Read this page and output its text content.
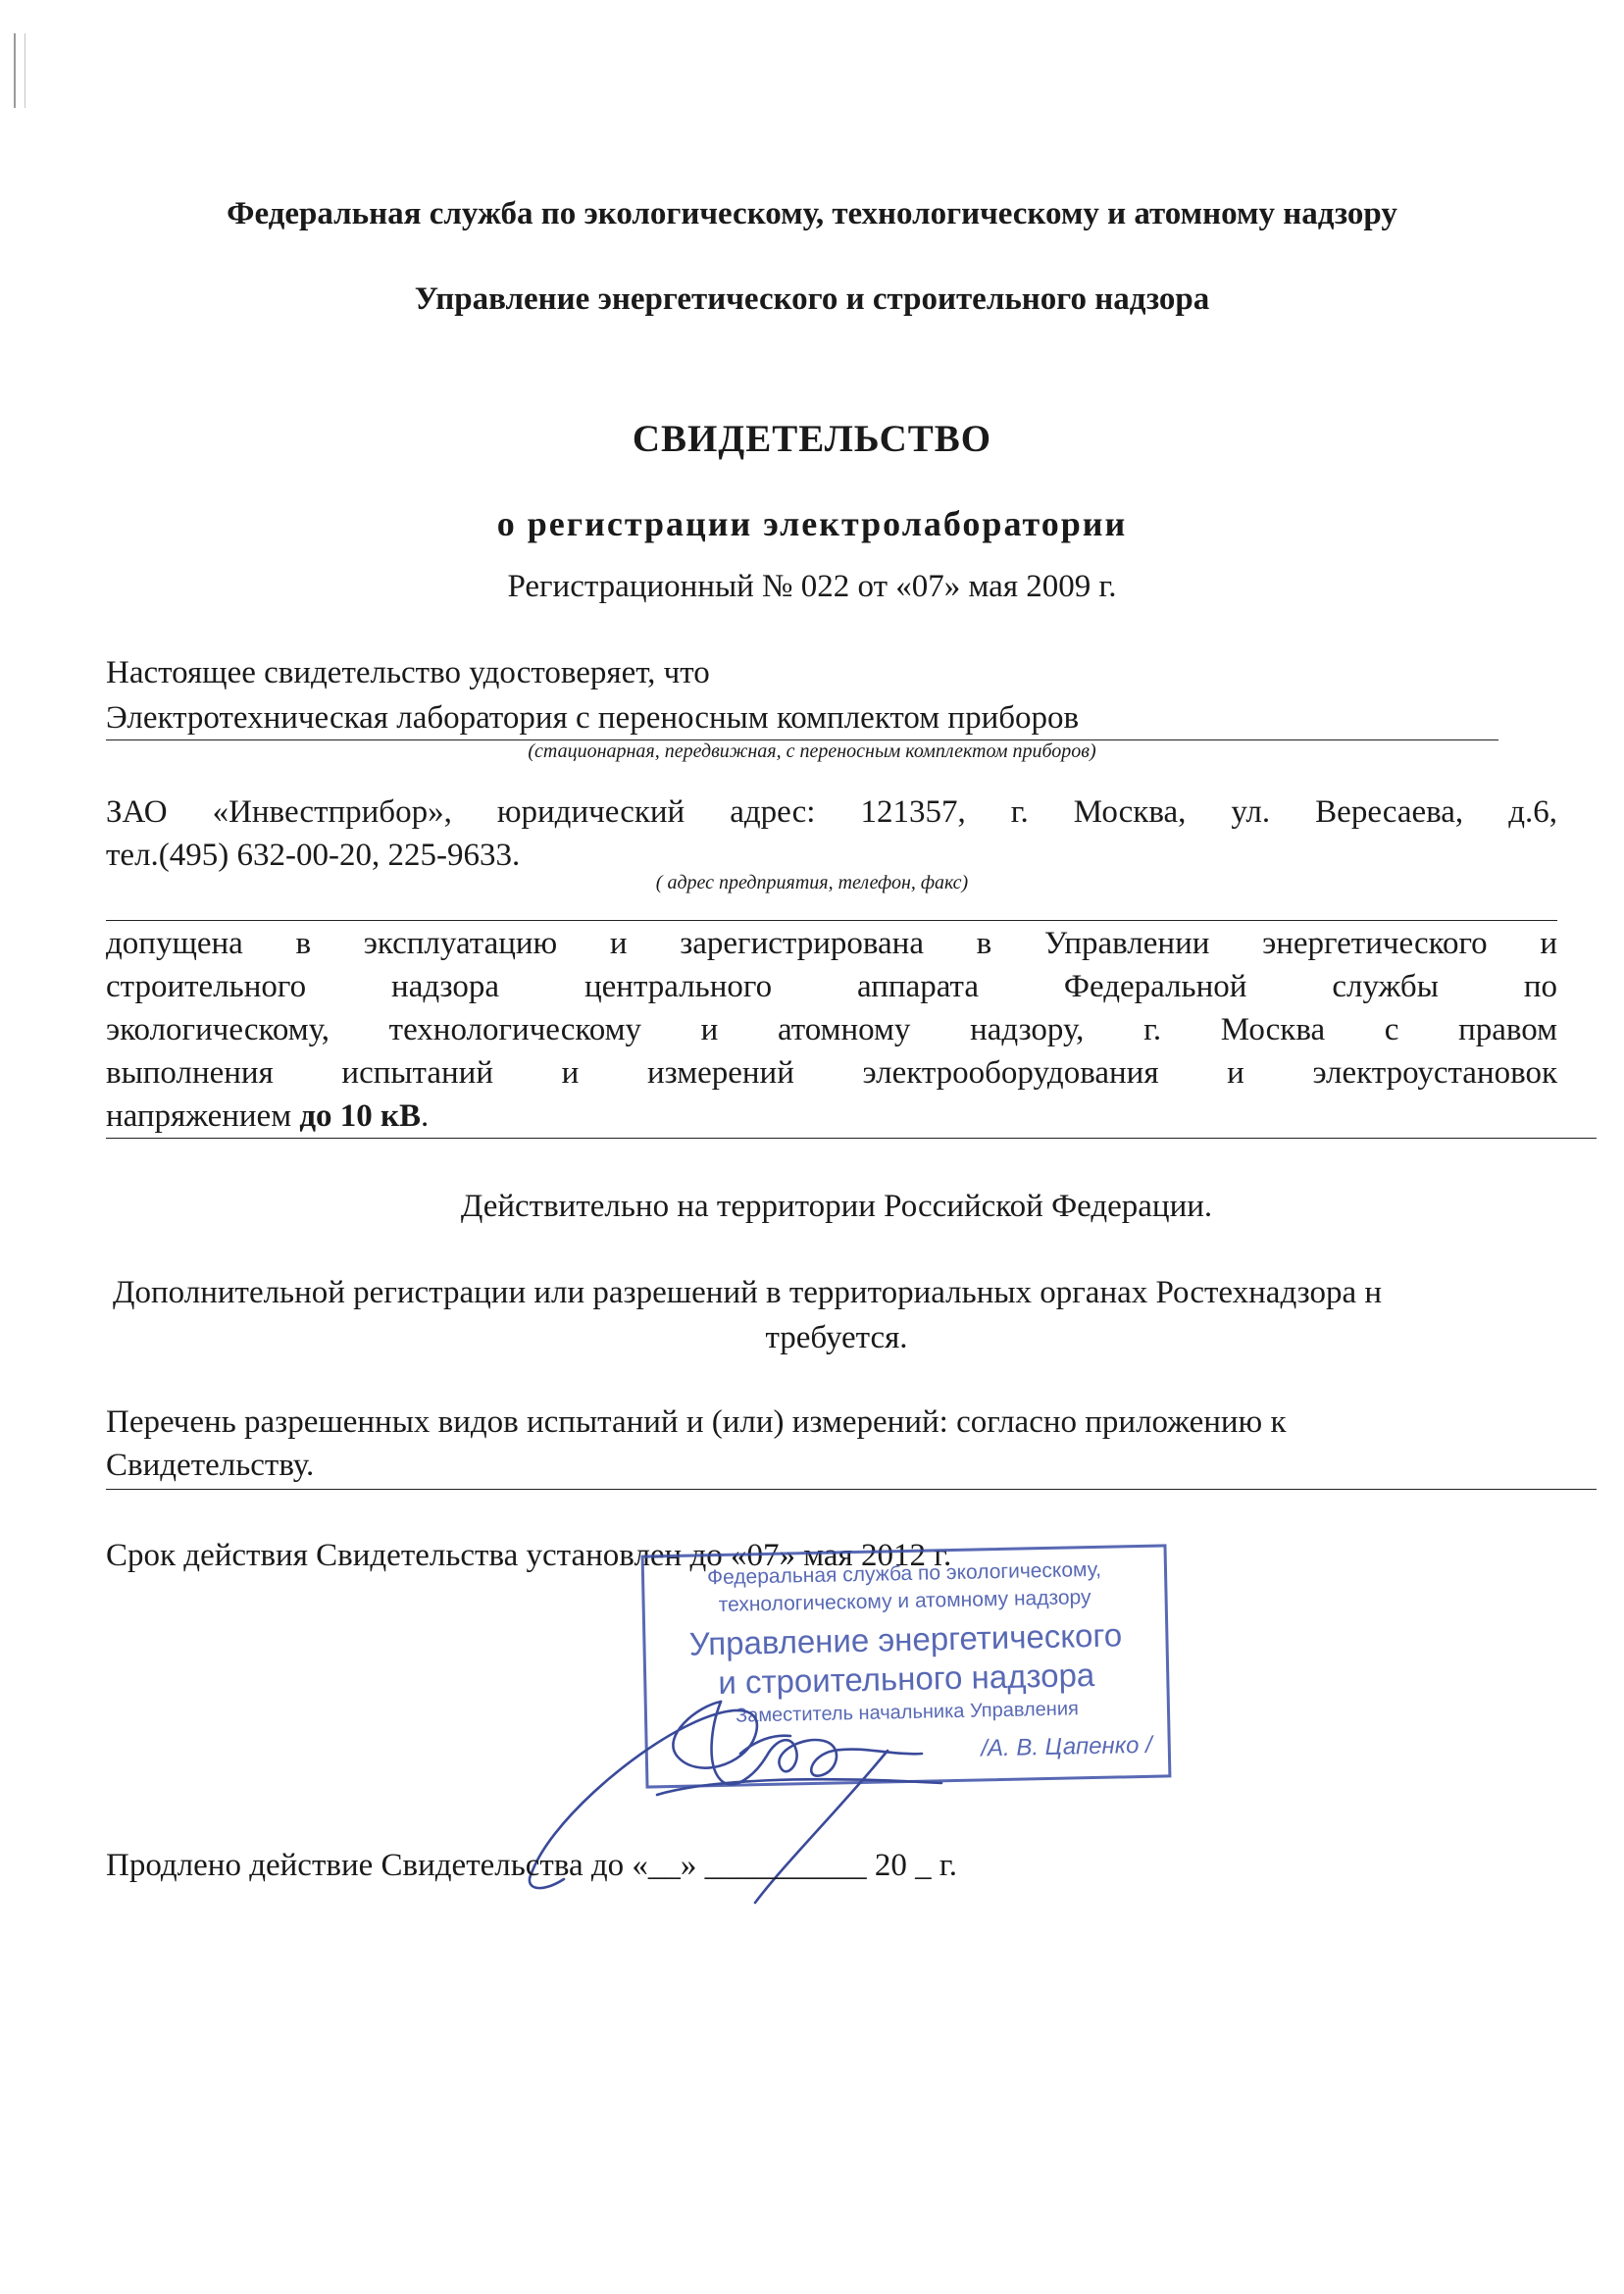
Федеральная служба по экологическому, технологическому и атомному надзору
Управление энергетического и строительного надзора
СВИДЕТЕЛЬСТВО
о регистрации электролаборатории
Регистрационный № 022 от «07» мая 2009 г.
Настоящее свидетельство удостоверяет, что
Электротехническая лаборатория с переносным комплектом приборов
(стационарная, передвижная, с переносным комплектом приборов)
ЗАО «Инвестприбор», юридический адрес: 121357, г. Москва, ул. Вересаева, д.6,
тел.(495) 632-00-20, 225-9633.
( адрес предприятия, телефон, факс)
допущена в эксплуатацию и зарегистрирована в Управлении энергетического и
строительного надзора центрального аппарата Федеральной службы по
экологическому, технологическому и атомному надзору, г. Москва с правом
выполнения испытаний и измерений электрооборудования и электроустановок
напряжением до 10 кВ.
Действительно на территории Российской Федерации.
Дополнительной регистрации или разрешений в территориальных органах Ростехнадзора н
требуется.
Перечень разрешенных видов испытаний и (или) измерений: согласно приложению к
Свидетельству.
Срок действия Свидетельства установлен до «07» мая 2012 г.
Федеральная служба по экологическому,
технологическому и атомному надзору
Управление энергетического
и строительного надзора
Заместитель начальника Управления
/А. В. Цапенко /
Продлено действие Свидетельства до «__» __________ 20 _ г.
